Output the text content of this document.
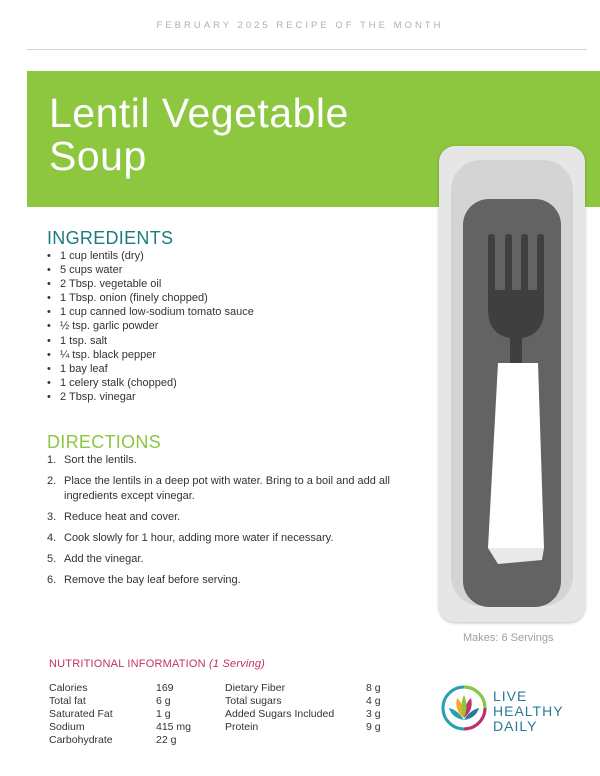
FEBRUARY 2025 RECIPE OF THE MONTH
Lentil Vegetable
Soup
INGREDIENTS
• 1 cup lentils (dry)
• 5 cups water
• 2 Tbsp. vegetable oil
• 1 Tbsp. onion (finely chopped)
• 1 cup canned low-sodium tomato sauce
• ½ tsp. garlic powder
• 1 tsp. salt
• ¼ tsp. black pepper
• 1 bay leaf
• 1 celery stalk (chopped)
• 2 Tbsp. vinegar
DIRECTIONS
1. Sort the lentils.
2. Place the lentils in a deep pot with water. Bring to a boil and add all ingredients except vinegar.
3. Reduce heat and cover.
4. Cook slowly for 1 hour, adding more water if necessary.
5. Add the vinegar.
6. Remove the bay leaf before serving.
Makes: 6 Servings
NUTRITIONAL INFORMATION (1 Serving)
Calories
Total fat
Saturated Fat
Sodium
Carbohydrate
169
6 g
1 g
415 mg
22 g
Dietary Fiber
Total sugars
Added Sugars Included
Protein
8 g
4 g
3 g
9 g
LIVE
HEALTHY
DAILY
